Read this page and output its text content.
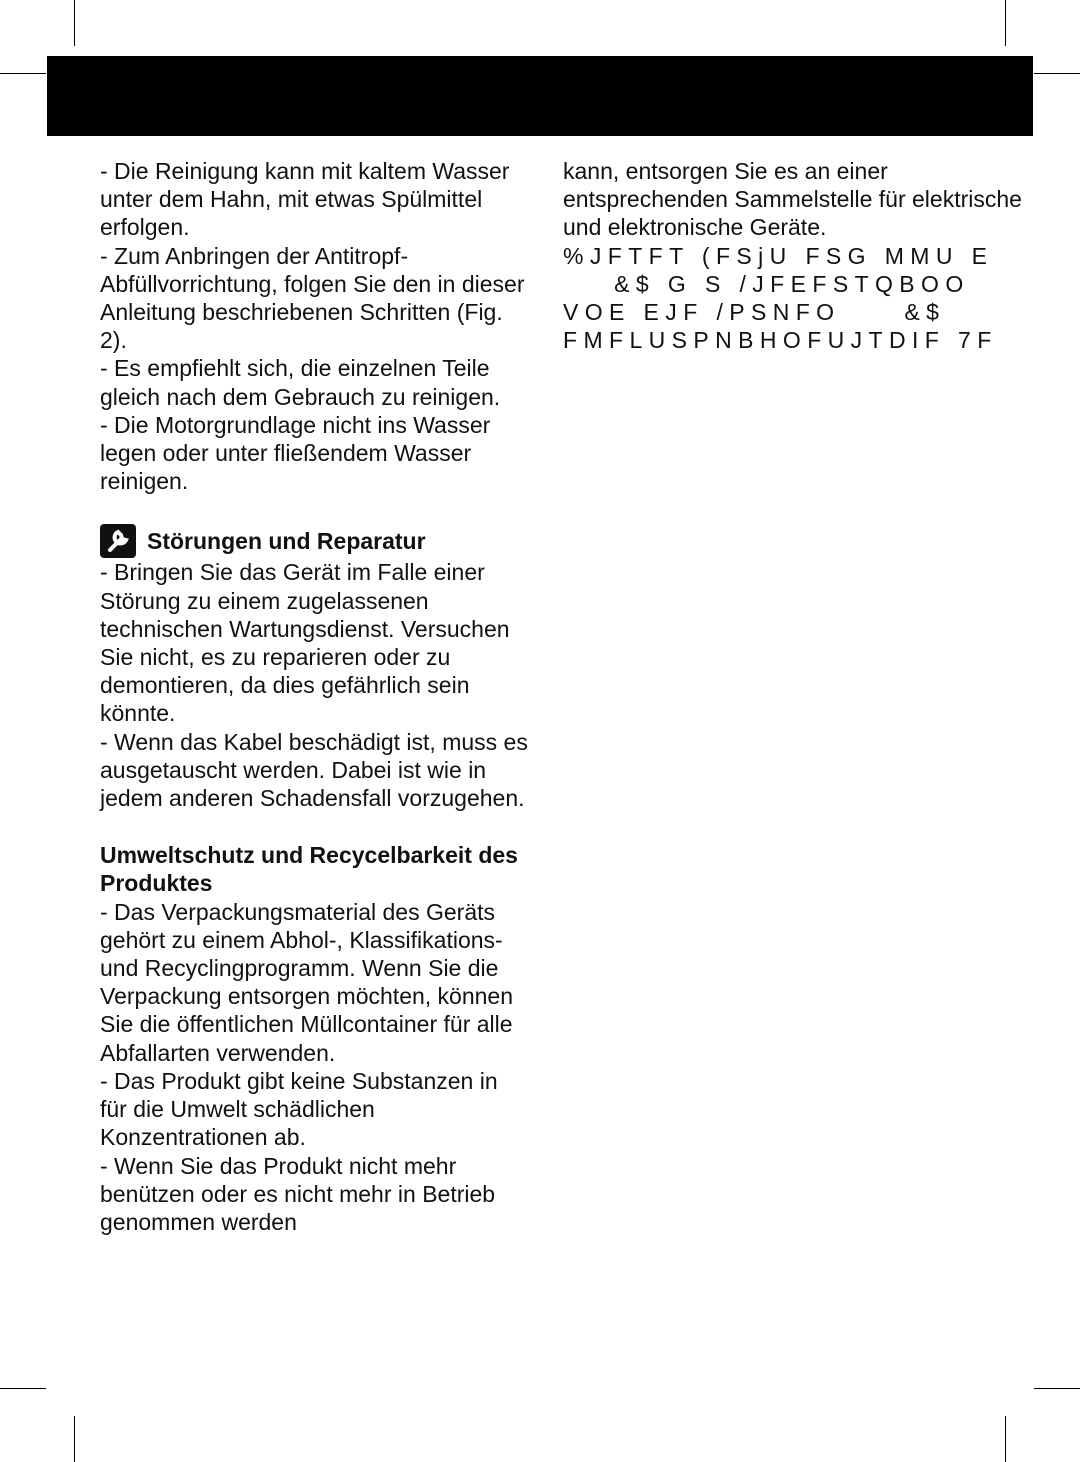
- Die Reinigung kann mit kaltem Wasser unter dem Hahn, mit etwas Spülmittel erfolgen.

- Zum Anbringen der Antitropf-Abfüllvorrichtung, folgen Sie den in dieser Anleitung beschriebenen Schritten (Fig. 2).

- Es empfiehlt sich, die einzelnen Teile gleich nach dem Gebrauch zu reinigen.

- Die Motorgrundlage nicht ins Wasser legen oder unter fließendem Wasser reinigen.

Störungen und Reparatur

- Bringen Sie das Gerät im Falle einer Störung zu einem zugelassenen technischen Wartungsdienst. Versuchen Sie nicht, es zu reparieren oder zu demontieren, da dies gefährlich sein könnte.

- Wenn das Kabel beschädigt ist, muss es ausgetauscht werden. Dabei ist wie in jedem anderen Schadensfall vorzugehen.

Umweltschutz und Recycelbarkeit des Produktes

- Das Verpackungsmaterial des Geräts gehört zu einem Abhol-, Klassifikations- und Recyclingprogramm. Wenn Sie die Verpackung entsorgen möchten, können Sie die öffentlichen Müllcontainer für alle Abfallarten verwenden.

- Das Produkt gibt keine Substanzen in für die Umwelt schädlichen Konzentrationen ab.

- Wenn Sie das Produkt nicht mehr benützen oder es nicht mehr in Betrieb genommen werden

kann, entsorgen Sie es an einer entsprechenden Sammelstelle für elektrische und elektronische Geräte.

%JFTFT (FSjU FSG MMU E
&$ G S /JFEFSTQBOO
VOE EJF /PSNFO     &$
FMFLUSPNBHOFUJTDIF 7F
